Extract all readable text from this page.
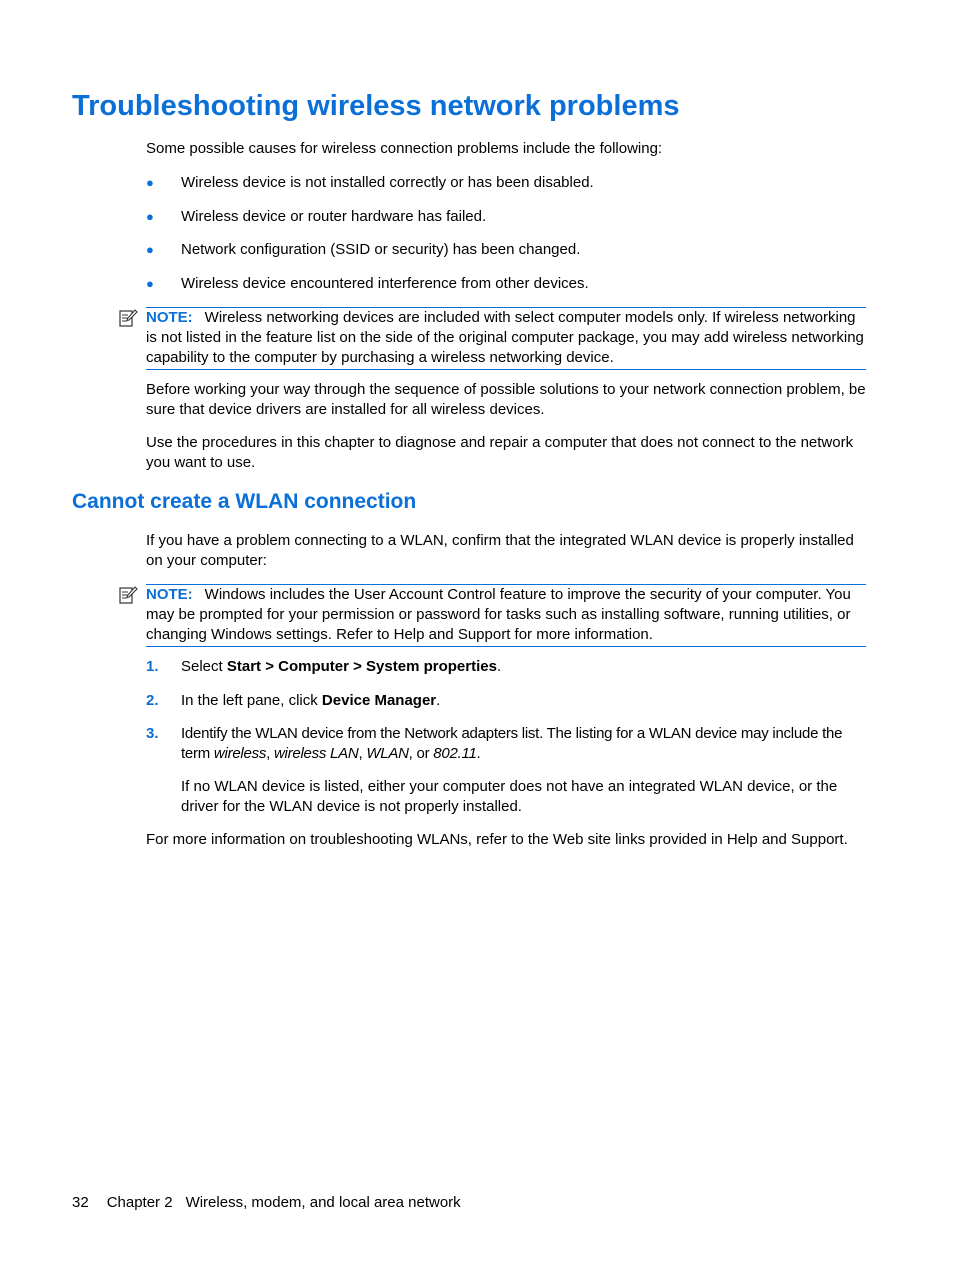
Troubleshooting wireless network problems

Some possible causes for wireless connection problems include the following:

● Wireless device is not installed correctly or has been disabled.
● Wireless device or router hardware has failed.
● Network configuration (SSID or security) has been changed.
● Wireless device encountered interference from other devices.
NOTE: Wireless networking devices are included with select computer models only. If wireless networking is not listed in the feature list on the side of the original computer package, you may add wireless networking capability to the computer by purchasing a wireless networking device.

Before working your way through the sequence of possible solutions to your network connection problem, be sure that device drivers are installed for all wireless devices.

Use the procedures in this chapter to diagnose and repair a computer that does not connect to the network you want to use.

Cannot create a WLAN connection

If you have a problem connecting to a WLAN, confirm that the integrated WLAN device is properly installed on your computer:

NOTE: Windows includes the User Account Control feature to improve the security of your computer. You may be prompted for your permission or password for tasks such as installing software, running utilities, or changing Windows settings. Refer to Help and Support for more information.
1. Select Start > Computer > System properties.
2. In the left pane, click Device Manager.
3. Identify the WLAN device from the Network adapters list. The listing for a WLAN device may include the term wireless, wireless LAN, WLAN, or 802.11.

If no WLAN device is listed, either your computer does not have an integrated WLAN device, or the driver for the WLAN device is not properly installed.

For more information on troubleshooting WLANs, refer to the Web site links provided in Help and Support.

32 Chapter 2 Wireless, modem, and local area network
